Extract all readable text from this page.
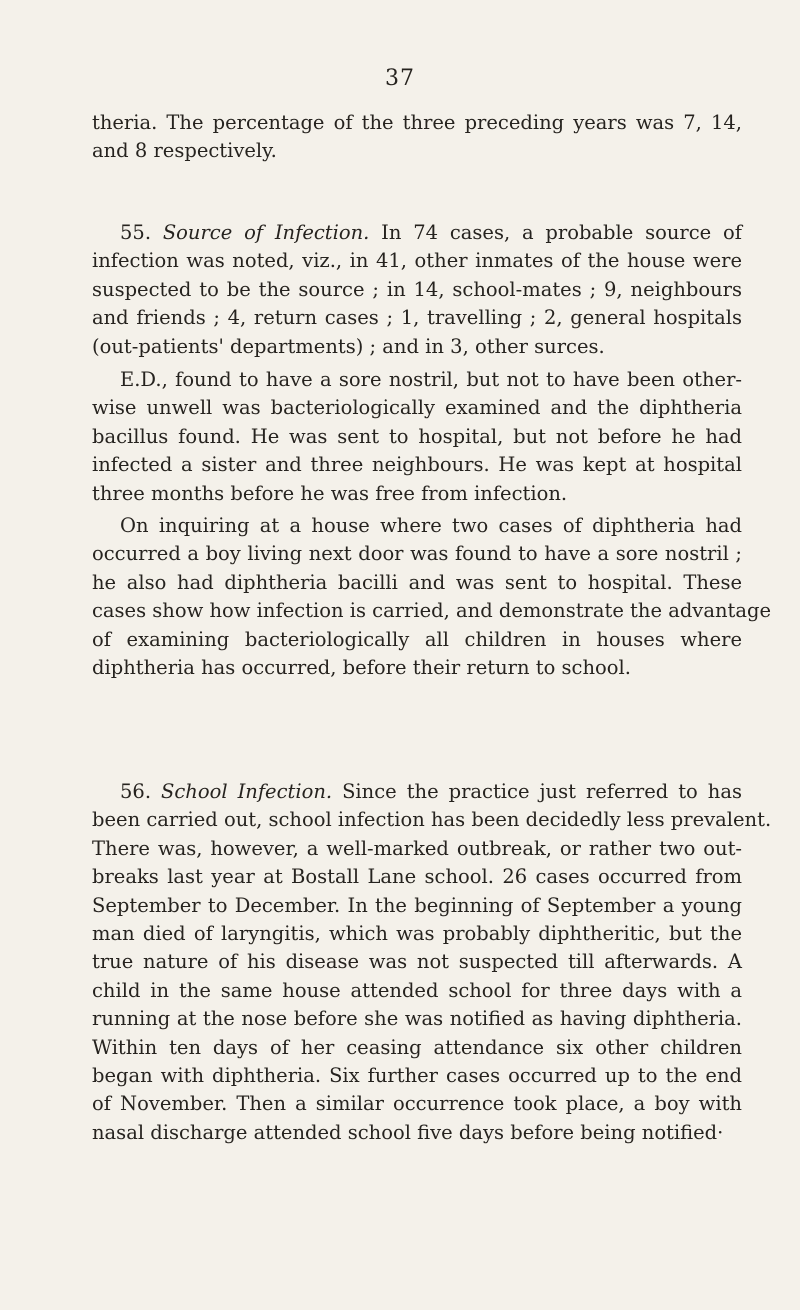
37
theria. The percentage of the three preceding years was 7, 14,
and 8 respectively.
55. Source of Infection. In 74 cases, a probable source of
infection was noted, viz., in 41, other inmates of the house were
suspected to be the source ; in 14, school-mates ; 9, neighbours
and friends ; 4, return cases ; 1, travelling ; 2, general hospitals
(out-patients' departments) ; and in 3, other surces.
E.D., found to have a sore nostril, but not to have been other-
wise unwell was bacteriologically examined and the diphtheria
bacillus found. He was sent to hospital, but not before he had
infected a sister and three neighbours. He was kept at hospital
three months before he was free from infection.
On inquiring at a house where two cases of diphtheria had
occurred a boy living next door was found to have a sore nostril ;
he also had diphtheria bacilli and was sent to hospital. These
cases show how infection is carried, and demonstrate the advantage
of examining bacteriologically all children in houses where
diphtheria has occurred, before their return to school.
56. School Infection. Since the practice just referred to has
been carried out, school infection has been decidedly less prevalent.
There was, however, a well-marked outbreak, or rather two out-
breaks last year at Bostall Lane school. 26 cases occurred from
September to December. In the beginning of September a young
man died of laryngitis, which was probably diphtheritic, but the
true nature of his disease was not suspected till afterwards. A
child in the same house attended school for three days with a
running at the nose before she was notified as having diphtheria.
Within ten days of her ceasing attendance six other children
began with diphtheria. Six further cases occurred up to the end
of November. Then a similar occurrence took place, a boy with
nasal discharge attended school five days before being notified·
